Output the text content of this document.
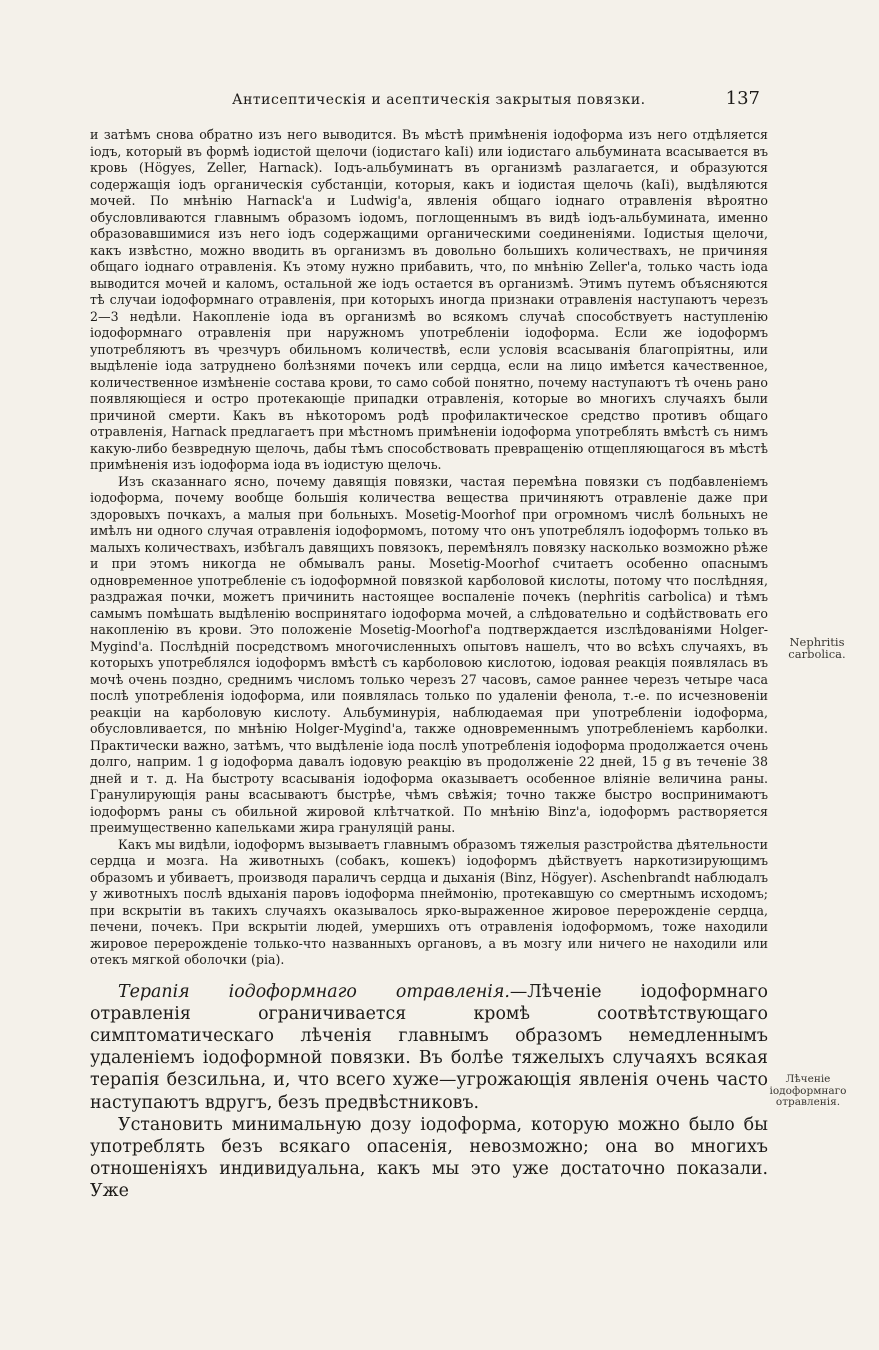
Антисептическія и асептическія закрытыя повязки.	137

и затѣмъ снова обратно изъ него выводится. Въ мѣстѣ примѣненія іодоформа изъ него отдѣляется іодъ, который въ формѣ іодистой щелочи (іодистаго kaIi) или іодистаго альбумината всасывается въ кровь (Högyes, Zeller, Harnack). Іодъ-альбуминатъ въ организмѣ разлагается, и образуются содержащія іодъ органическія субстанціи, которыя, какъ и іодистая щелочь (kaIi), выдѣляются мочей. По мнѣнію Harnack'а и Ludwig'а, явленія общаго іоднаго отравленія вѣроятно обусловливаются главнымъ образомъ іодомъ, поглощеннымъ въ видѣ іодъ-альбумината, именно образовавшимися изъ него іодъ содержащими органическими соединеніями. Іодистыя щелочи, какъ извѣстно, можно вводить въ организмъ въ довольно большихъ количествахъ, не причиняя общаго іоднаго отравленія. Къ этому нужно прибавить, что, по мнѣнію Zeller'а, только часть іода выводится мочей и каломъ, остальной же іодъ остается въ организмѣ. Этимъ путемъ объясняются тѣ случаи іодоформнаго отравленія, при которыхъ иногда признаки отравленія наступаютъ черезъ 2—3 недѣли. Накопленіе іода въ организмѣ во всякомъ случаѣ способствуетъ наступленію іодоформнаго отравленія при наружномъ употребленіи іодоформа. Если же іодоформъ употребляютъ въ чрезчуръ обильномъ количествѣ, если условія всасыванія благопріятны, или выдѣленіе іода затруднено болѣзнями почекъ или сердца, если на лицо имѣется качественное, количественное измѣненіе состава крови, то само собой понятно, почему наступаютъ тѣ очень рано появляющіеся и остро протекающіе припадки отравленія, которые во многихъ случаяхъ были причиной смерти. Какъ въ нѣкоторомъ родѣ профилактическое средство противъ общаго отравленія, Harnack предлагаетъ при мѣстномъ примѣненіи іодоформа употреблять вмѣстѣ съ нимъ какую-либо безвредную щелочь, дабы тѣмъ способствовать превращенію отщепляющагося въ мѣстѣ примѣненія изъ іодоформа іода въ іодистую щелочь.

Изъ сказаннаго ясно, почему давящія повязки, частая перемѣна повязки съ подбавленіемъ іодоформа, почему вообще большія количества вещества причиняютъ отравленіе даже при здоровыхъ почкахъ, а малыя при больныхъ. Mosetig-Moorhof при огромномъ числѣ больныхъ не имѣлъ ни одного случая отравленія іодоформомъ, потому что онъ употреблялъ іодоформъ только въ малыхъ количествахъ, избѣгалъ давящихъ повязокъ, перемѣнялъ повязку насколько возможно рѣже и при этомъ никогда не обмывалъ раны. Mosetig-Moorhof считаетъ особенно опаснымъ одновременное употребленіе съ іодоформной повязкой карболовой кислоты, потому что послѣдняя, раздражая почки, можетъ причинить настоящее воспаленіе почекъ (nephritis carbolica) и тѣмъ самымъ помѣшать выдѣленію воспринятаго іодоформа мочей, а слѣдовательно и содѣйствовать его накопленію въ крови. Это положеніе Mosetig-Moorhof'а подтверждается изслѣдованіями Holger-Mygind'а. Послѣдній посредствомъ многочисленныхъ опытовъ нашелъ, что во всѣхъ случаяхъ, въ которыхъ употреблялся іодоформъ вмѣстѣ съ карболовою кислотою, іодовая реакція появлялась въ мочѣ очень поздно, среднимъ числомъ только черезъ 27 часовъ, самое раннее черезъ четыре часа послѣ употребленія іодоформа, или появлялась только по удаленіи фенола, т.-е. по исчезновеніи реакціи на карболовую кислоту. Альбуминурія, наблюдаемая при употребленіи іодоформа, обусловливается, по мнѣнію Holger-Mygind'а, также одновременнымъ употребленіемъ карболки. Практически важно, затѣмъ, что выдѣленіе іода послѣ употребленія іодоформа продолжается очень долго, наприм. 1 g іодоформа давалъ іодовую реакцію въ продолженіе 22 дней, 15 g въ теченіе 38 дней и т. д. На быстроту всасыванія іодоформа оказываетъ особенное вліяніе величина раны. Гранулирующія раны всасываютъ быстрѣе, чѣмъ свѣжія; точно также быстро воспринимаютъ іодоформъ раны съ обильной жировой клѣтчаткой. По мнѣнію Binz'а, іодоформъ растворяется преимущественно капельками жира грануляцій раны.

Какъ мы видѣли, іодоформъ вызываетъ главнымъ образомъ тяжелыя разстройства дѣятельности сердца и мозга. На животныхъ (собакъ, кошекъ) іодоформъ дѣйствуетъ наркотизирующимъ образомъ и убиваетъ, производя параличъ сердца и дыханія (Binz, Högyer). Aschenbrandt наблюдалъ у животныхъ послѣ вдыханія паровъ іодоформа пнеймонію, протекавшую со смертнымъ исходомъ; при вскрытіи въ такихъ случаяхъ оказывалось ярко-выраженное жировое перерожденіе сердца, печени, почекъ. При вскрытіи людей, умершихъ отъ отравленія іодоформомъ, тоже находили жировое перерожденіе только-что названныхъ органовъ, а въ мозгу или ничего не находили или отекъ мягкой оболочки (pia).

Терапія іодоформнаго отравленія.—Лѣченіе іодоформнаго отравленія ограничивается кромѣ соотвѣтствующаго симптоматическаго лѣченія главнымъ образомъ немедленнымъ удаленіемъ іодоформной повязки. Въ болѣе тяжелыхъ случаяхъ всякая терапія безсильна, и, что всего хуже—угрожающія явленія очень часто наступаютъ вдругъ, безъ предвѣстниковъ.

Установить минимальную дозу іодоформа, которую можно было бы употреблять безъ всякаго опасенія, невозможно; она во многихъ отношеніяхъ индивидуальна, какъ мы это уже достаточно показали. Уже

Nephritis carbolica.
Лѣченіе іодоформнаго отравленія.
